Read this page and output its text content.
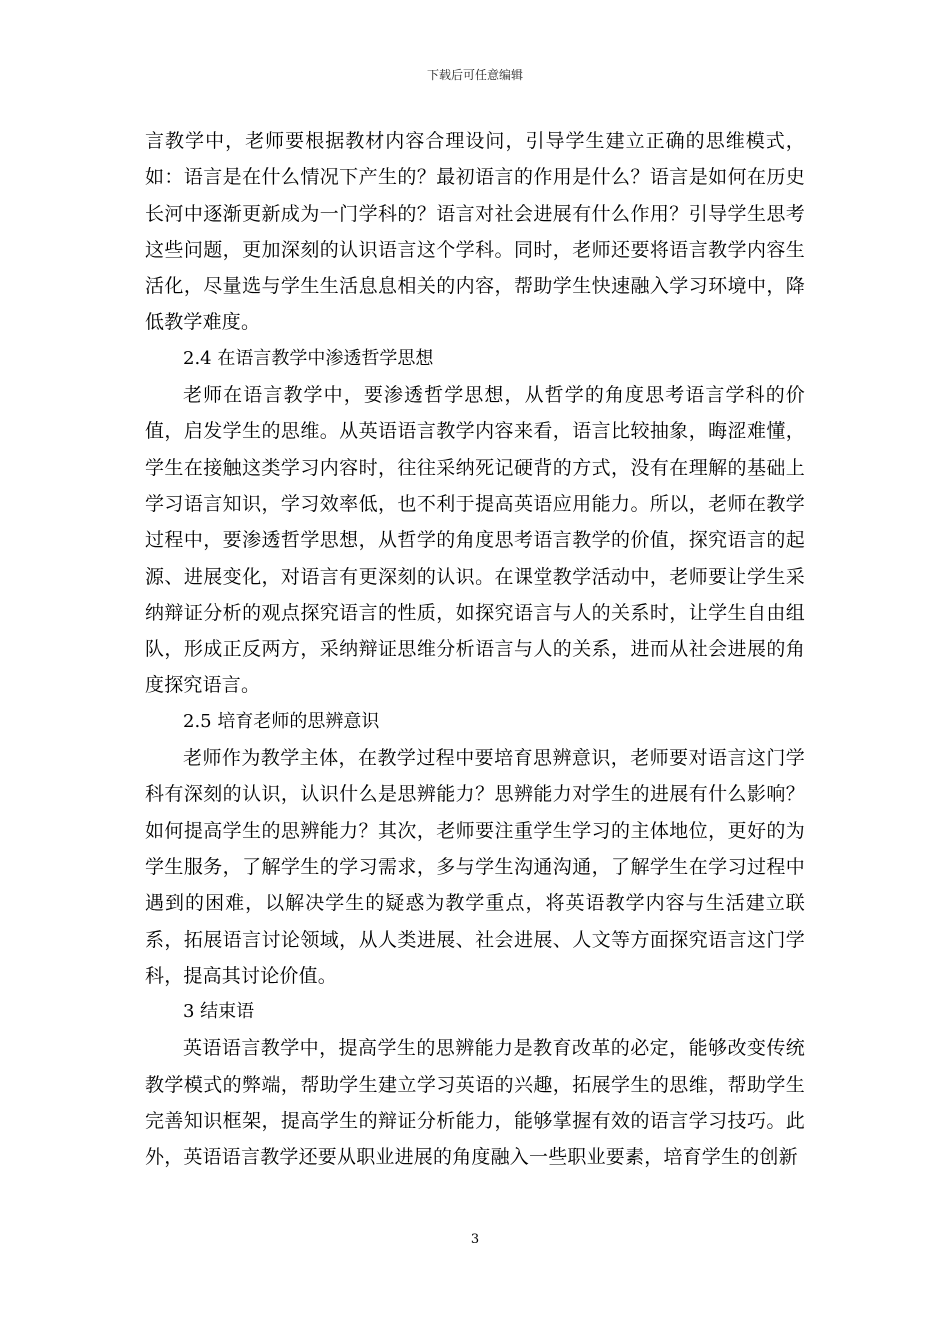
下载后可任意编辑

言教学中，老师要根据教材内容合理设问，引导学生建立正确的思维模式，如：语言是在什么情况下产生的？最初语言的作用是什么？语言是如何在历史长河中逐渐更新成为一门学科的？语言对社会进展有什么作用？引导学生思考这些问题，更加深刻的认识语言这个学科。同时，老师还要将语言教学内容生活化，尽量选与学生生活息息相关的内容，帮助学生快速融入学习环境中，降低教学难度。

2.4 在语言教学中渗透哲学思想

老师在语言教学中，要渗透哲学思想，从哲学的角度思考语言学科的价值，启发学生的思维。从英语语言教学内容来看，语言比较抽象，晦涩难懂，学生在接触这类学习内容时，往往采纳死记硬背的方式，没有在理解的基础上学习语言知识，学习效率低，也不利于提高英语应用能力。所以，老师在教学过程中，要渗透哲学思想，从哲学的角度思考语言教学的价值，探究语言的起源、进展变化，对语言有更深刻的认识。在课堂教学活动中，老师要让学生采纳辩证分析的观点探究语言的性质，如探究语言与人的关系时，让学生自由组队，形成正反两方，采纳辩证思维分析语言与人的关系，进而从社会进展的角度探究语言。

2.5 培育老师的思辨意识

老师作为教学主体，在教学过程中要培育思辨意识，老师要对语言这门学科有深刻的认识，认识什么是思辨能力？思辨能力对学生的进展有什么影响？如何提高学生的思辨能力？其次，老师要注重学生学习的主体地位，更好的为学生服务，了解学生的学习需求，多与学生沟通沟通，了解学生在学习过程中遇到的困难，以解决学生的疑惑为教学重点，将英语教学内容与生活建立联系，拓展语言讨论领域，从人类进展、社会进展、人文等方面探究语言这门学科，提高其讨论价值。

3 结束语

英语语言教学中，提高学生的思辨能力是教育改革的必定，能够改变传统教学模式的弊端，帮助学生建立学习英语的兴趣，拓展学生的思维，帮助学生完善知识框架，提高学生的辩证分析能力，能够掌握有效的语言学习技巧。此外，英语语言教学还要从职业进展的角度融入一些职业要素，培育学生的创新

3
